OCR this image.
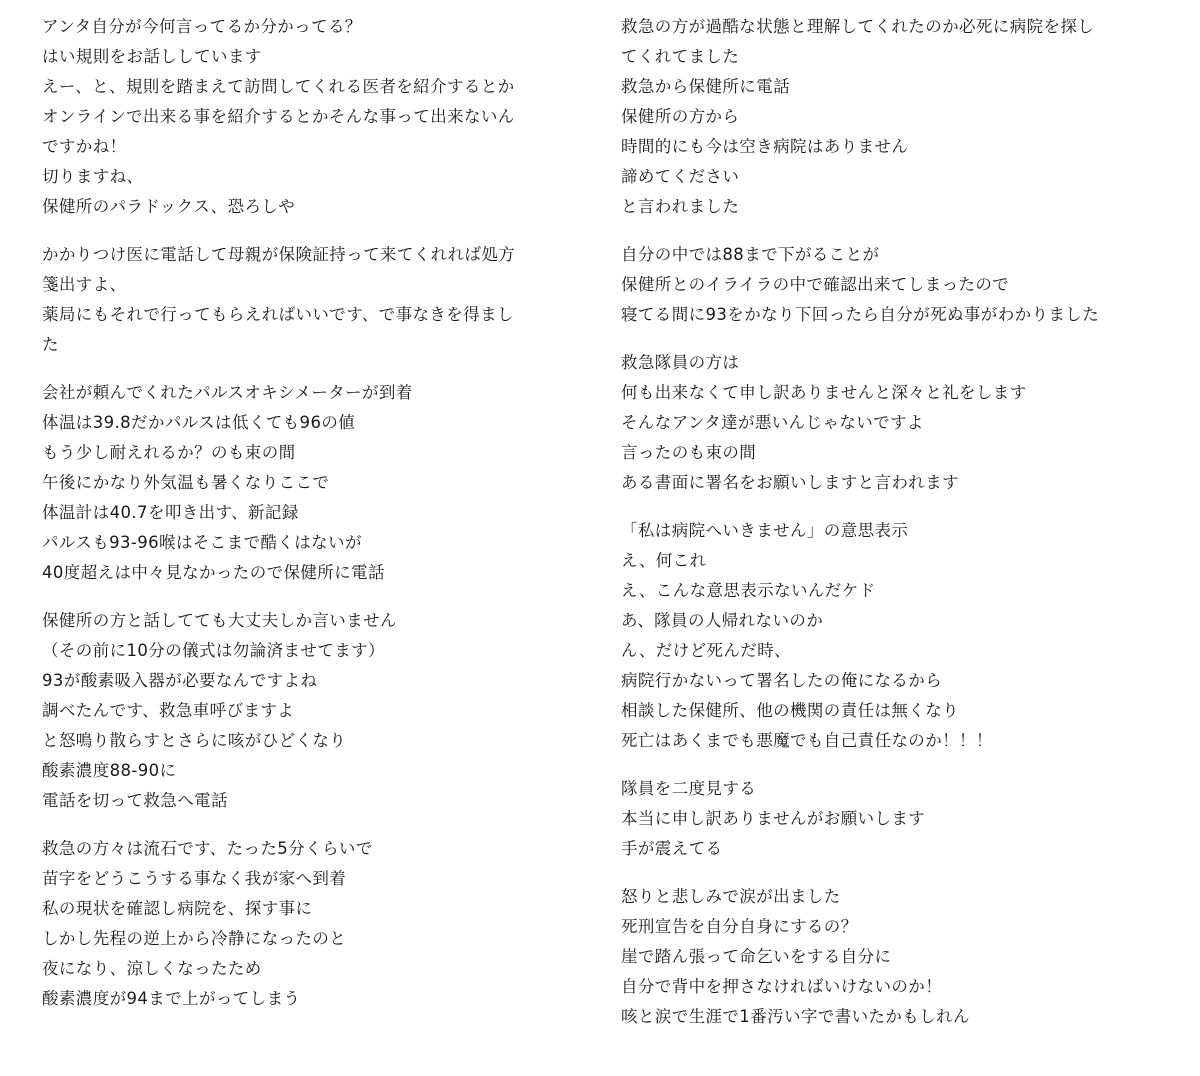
アンタ自分が今何言ってるか分かってる？
はい規則をお話ししています
えー、と、規則を踏まえて訪問してくれる医者を紹介するとか
オンラインで出来る事を紹介するとかそんな事って出来ないん
ですかね！
切りますね、
保健所のパラドックス、恐ろしや
かかりつけ医に電話して母親が保険証持って来てくれれば処方
箋出すよ、
薬局にもそれで行ってもらえればいいです、で事なきを得まし
た
会社が頼んでくれたパルスオキシメーターが到着
体温は39.8だかパルスは低くても96の値
もう少し耐えれるか？のも束の間
午後にかなり外気温も暑くなりここで
体温計は40.7を叩き出す、新記録
パルスも93-96喉はそこまで酷くはないが
40度超えは中々見なかったので保健所に電話
保健所の方と話してても大丈夫しか言いません
（その前に10分の儀式は勿論済ませてます）
93が酸素吸入器が必要なんですよね
調べたんです、救急車呼びますよ
と怒鳴り散らすとさらに咳がひどくなり
酸素濃度88-90に
電話を切って救急へ電話
救急の方々は流石です、たった5分くらいで
苗字をどうこうする事なく我が家へ到着
私の現状を確認し病院を、探す事に
しかし先程の逆上から冷静になったのと
夜になり、涼しくなったため
酸素濃度が94まで上がってしまう
救急の方が過酷な状態と理解してくれたのか必死に病院を探し
てくれてました
救急から保健所に電話
保健所の方から
時間的にも今は空き病院はありません
諦めてください
と言われました
自分の中では88まで下がることが
保健所とのイライラの中で確認出来てしまったので
寝てる間に93をかなり下回ったら自分が死ぬ事がわかりました
救急隊員の方は
何も出来なくて申し訳ありませんと深々と礼をします
そんなアンタ達が悪いんじゃないですよ
言ったのも束の間
ある書面に署名をお願いしますと言われます
「私は病院へいきません」の意思表示
え、何これ
え、こんな意思表示ないんだケド
あ、隊員の人帰れないのか
ん、だけど死んだ時、
病院行かないって署名したの俺になるから
相談した保健所、他の機関の責任は無くなり
死亡はあくまでも悪魔でも自己責任なのか！！！
隊員を二度見する
本当に申し訳ありませんがお願いします
手が震えてる
怒りと悲しみで涙が出ました
死刑宣告を自分自身にするの？
崖で踏ん張って命乞いをする自分に
自分で背中を押さなければいけないのか！
咳と涙で生涯で1番汚い字で書いたかもしれん
